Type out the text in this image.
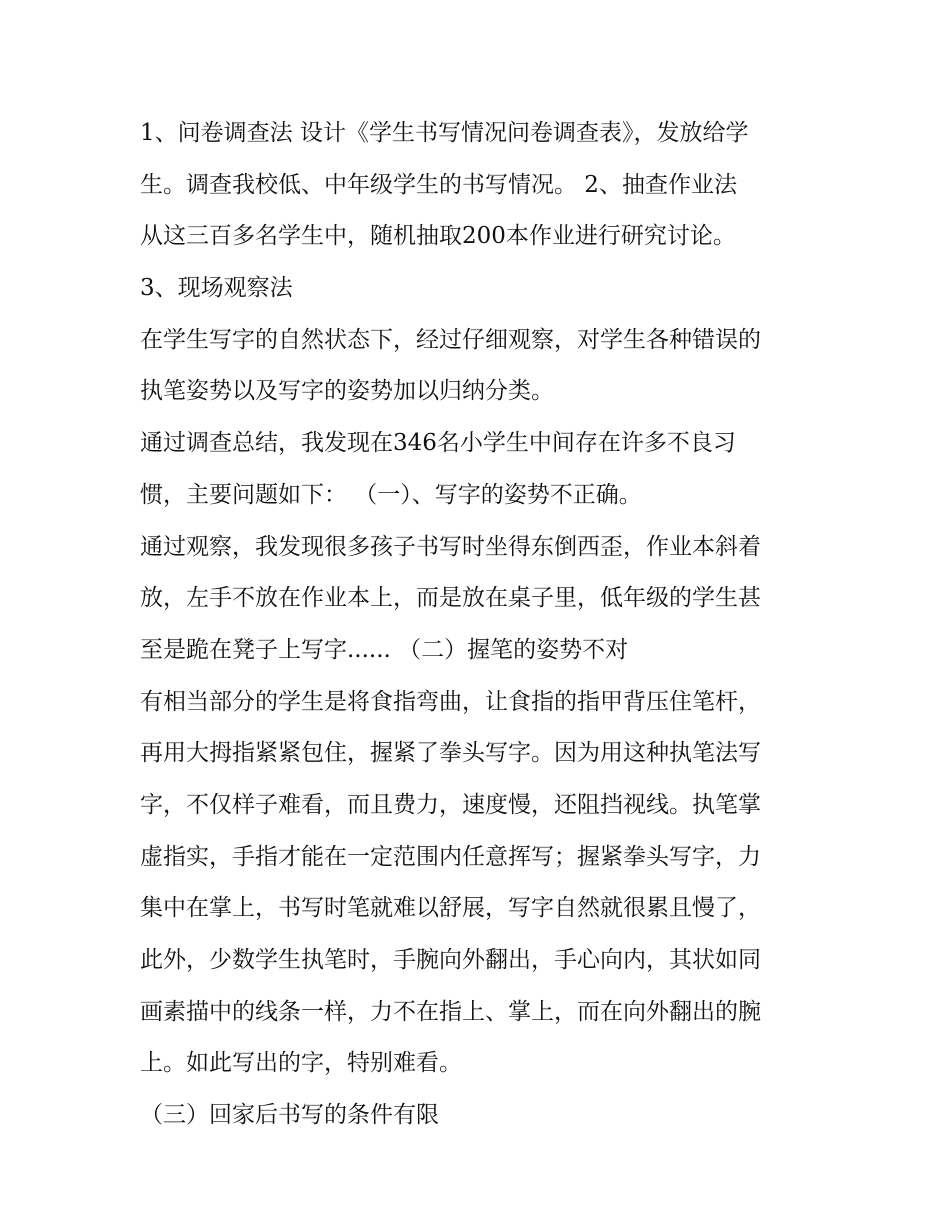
1、问卷调查法 设计《学生书写情况问卷调查表》，发放给学
生。调查我校低、中年级学生的书写情况。 2、抽查作业法
从这三百多名学生中，随机抽取200本作业进行研究讨论。
3、现场观察法
在学生写字的自然状态下，经过仔细观察，对学生各种错误的
执笔姿势以及写字的姿势加以归纳分类。
通过调查总结，我发现在346名小学生中间存在许多不良习
惯，主要问题如下： （一）、写字的姿势不正确。
通过观察，我发现很多孩子书写时坐得东倒西歪，作业本斜着
放，左手不放在作业本上，而是放在桌子里，低年级的学生甚
至是跪在凳子上写字...... （二）握笔的姿势不对
有相当部分的学生是将食指弯曲，让食指的指甲背压住笔杆，
再用大拇指紧紧包住，握紧了拳头写字。因为用这种执笔法写
字，不仅样子难看，而且费力，速度慢，还阻挡视线。执笔掌
虚指实，手指才能在一定范围内任意挥写；握紧拳头写字，力
集中在掌上，书写时笔就难以舒展，写字自然就很累且慢了，
此外，少数学生执笔时，手腕向外翻出，手心向内，其状如同
画素描中的线条一样，力不在指上、掌上，而在向外翻出的腕
上。如此写出的字，特别难看。
（三）回家后书写的条件有限
